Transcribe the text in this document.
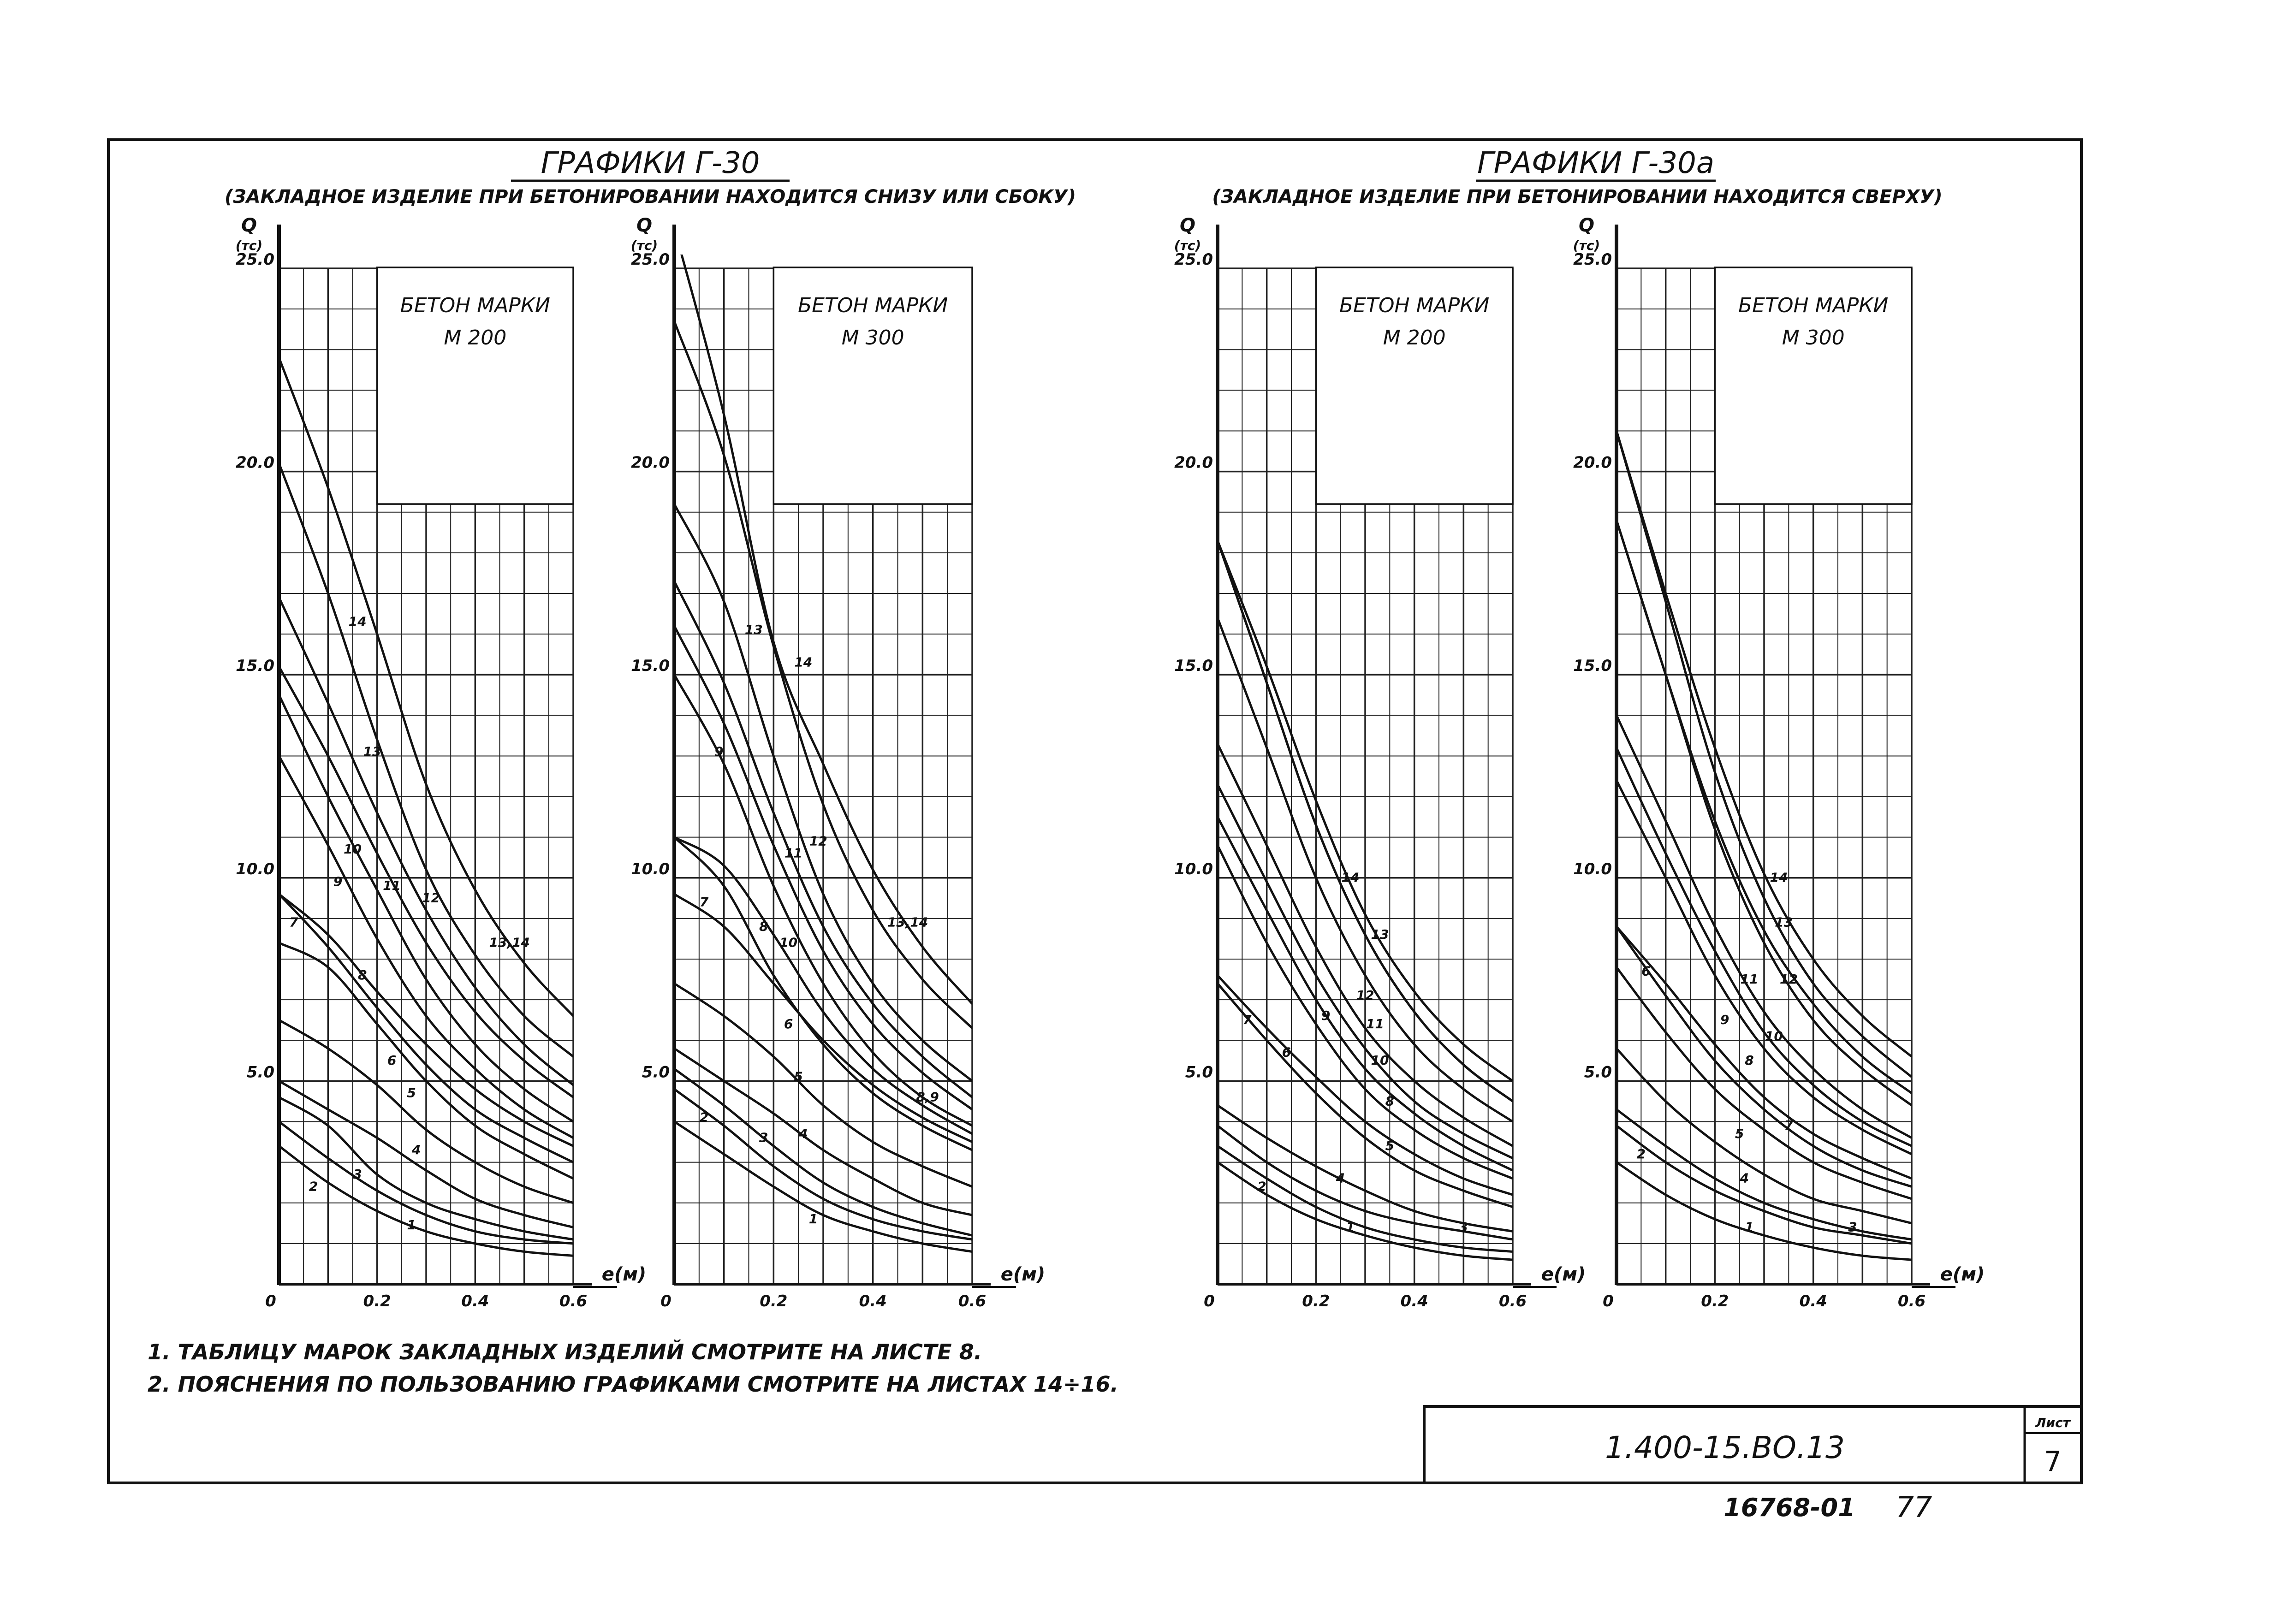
ГРАФИКИ Г-30
(ЗАКЛАДНОЕ ИЗДЕЛИЕ ПРИ БЕТОНИРОВАНИИ НАХОДИТСЯ СНИЗУ ИЛИ СБОКУ)
ГРАФИКИ Г-30а
(ЗАКЛАДНОЕ ИЗДЕЛИЕ ПРИ БЕТОНИРОВАНИИ НАХОДИТСЯ СВЕРХУ)
БЕТОН МАРКИ
М 200
Q
(тс)
е(м)
5.0
10.0
15.0
20.0
25.0
0	0.2	0.4	0.6
1
2
3
4
5
6
7
8
9
10
11
12
13
14
13,14
БЕТОН МАРКИ
М 300
Q
(тс)
е(м)
5.0
10.0
15.0
20.0
25.0
0	0.2	0.4	0.6
1
2
3 4
5
6
7
8
9
10
11
12
13
14
13,14
8,9
БЕТОН МАРКИ
М 200
Q
(тс)
е(м)
5.0
10.0
15.0
20.0
25.0
0	0.2	0.4	0.6
1
2
3
4
5
6
7
8
9
10
11
12
13
14
БЕТОН МАРКИ
М 300
Q
(тс)
е(м)
5.0
10.0
15.0
20.0
25.0
0	0.2	0.4	0.6
1
2
3
4
5
6
7
8
9
10
11 12
13
14
1. ТАБЛИЦУ МАРОК ЗАКЛАДНЫХ ИЗДЕЛИЙ СМОТРИТЕ НА ЛИСТЕ 8.
2. ПОЯСНЕНИЯ ПО ПОЛЬЗОВАНИЮ ГРАФИКАМИ СМОТРИТЕ НА ЛИСТАХ 14÷16.
1.400-15.ВО.13
Лист
7
16768-01 77
